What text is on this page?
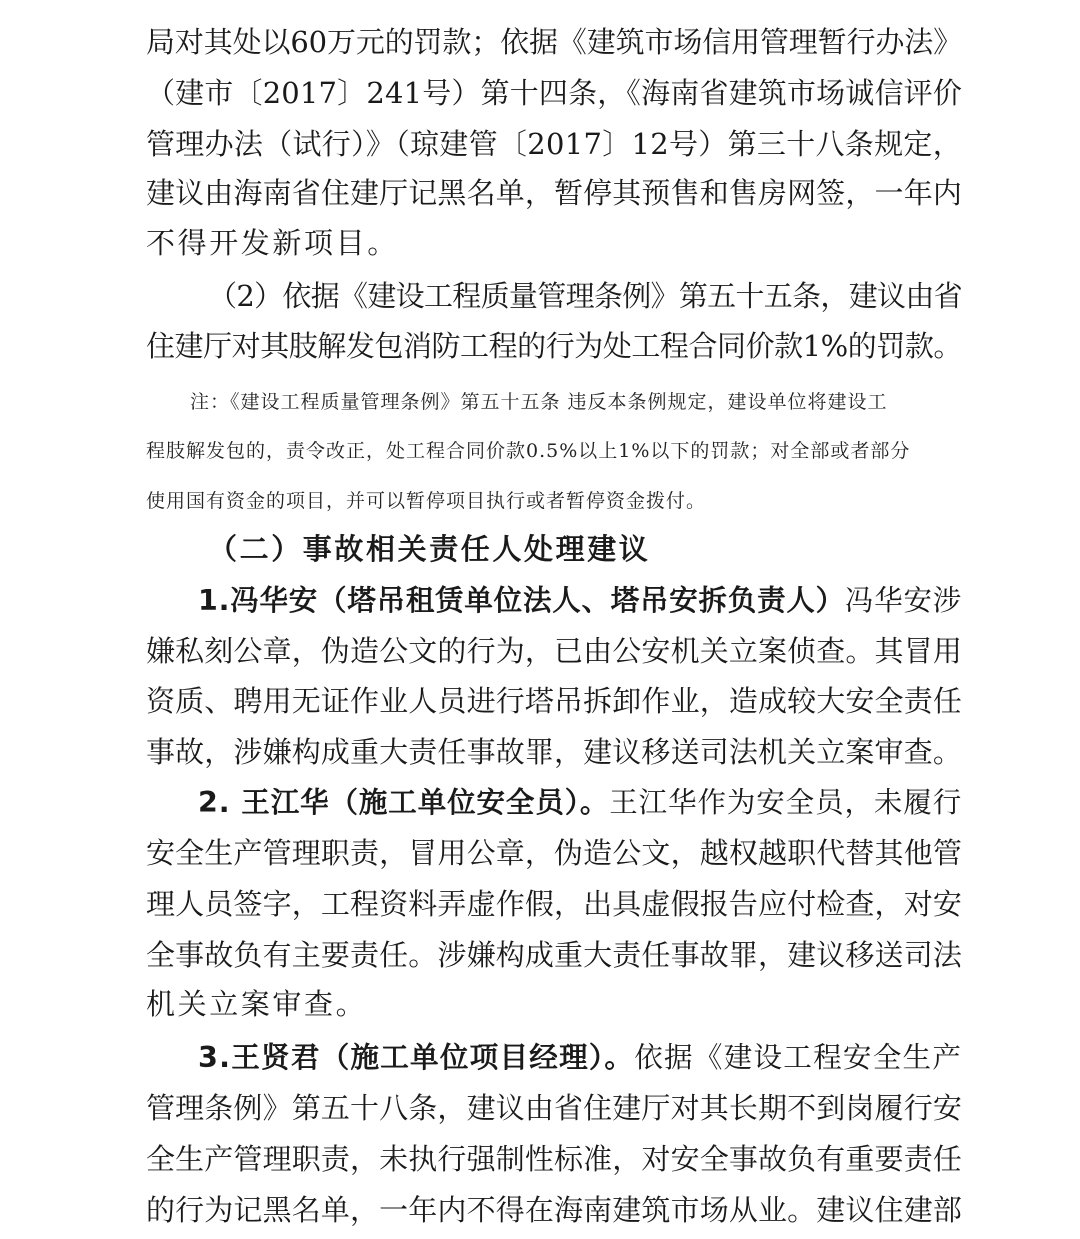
局对其处以60万元的罚款；依据《建筑市场信用管理暂行办法》
（建市〔2017〕241号）第十四条，《海南省建筑市场诚信评价
管理办法（试行）》（琼建管〔2017〕12号）第三十八条规定，
建议由海南省住建厅记黑名单，暂停其预售和售房网签，一年内
不得开发新项目。
（2）依据《建设工程质量管理条例》第五十五条，建议由省
住建厅对其肢解发包消防工程的行为处工程合同价款1%的罚款。
注：《建设工程质量管理条例》第五十五条 违反本条例规定，建设单位将建设工
程肢解发包的，责令改正，处工程合同价款0.5%以上1%以下的罚款；对全部或者部分
使用国有资金的项目，并可以暂停项目执行或者暂停资金拨付。
（二）事故相关责任人处理建议
1.冯华安（塔吊租赁单位法人、塔吊安拆负责人）冯华安涉
嫌私刻公章，伪造公文的行为，已由公安机关立案侦查。其冒用
资质、聘用无证作业人员进行塔吊拆卸作业，造成较大安全责任
事故，涉嫌构成重大责任事故罪，建议移送司法机关立案审查。
2. 王江华（施工单位安全员）。王江华作为安全员，未履行
安全生产管理职责，冒用公章，伪造公文，越权越职代替其他管
理人员签字，工程资料弄虚作假，出具虚假报告应付检查，对安
全事故负有主要责任。涉嫌构成重大责任事故罪，建议移送司法
机关立案审查。
3.王贤君（施工单位项目经理）。依据《建设工程安全生产
管理条例》第五十八条，建议由省住建厅对其长期不到岗履行安
全生产管理职责，未执行强制性标准，对安全事故负有重要责任
的行为记黑名单，一年内不得在海南建筑市场从业。建议住建部
